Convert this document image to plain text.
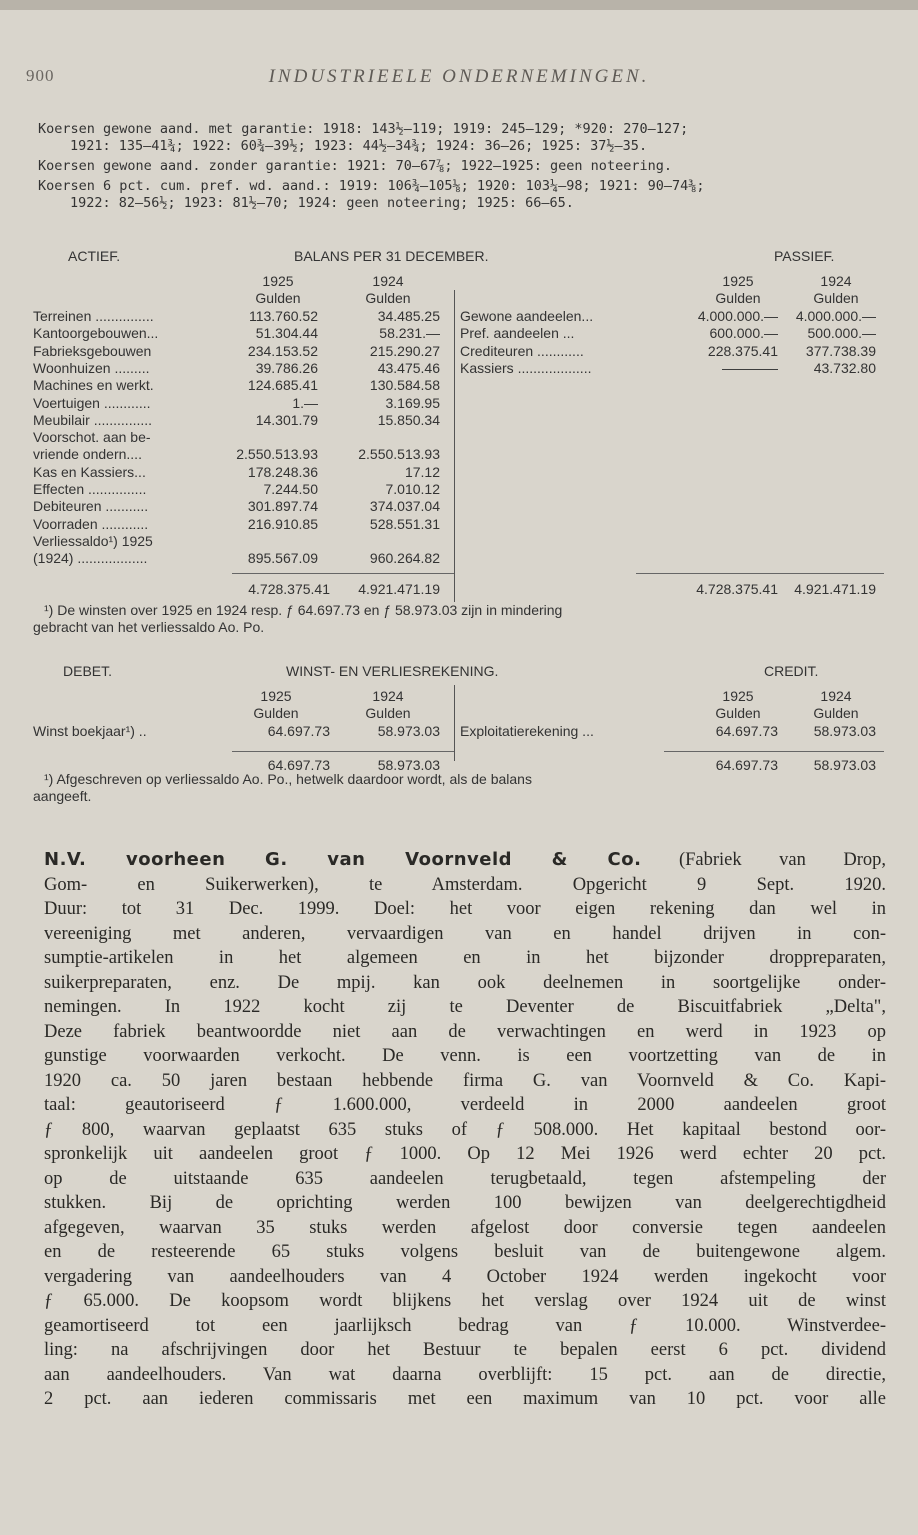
900	INDUSTRIEELE ONDERNEMINGEN.

Koersen gewone aand. met garantie: 1918: 143½—119; 1919: 245—129; *920: 270—127;

1921: 135—41¾; 1922: 60¾—39½; 1923: 44½—34¾; 1924: 36—26; 1925: 37½—35.

Koersen gewone aand. zonder garantie: 1921: 70—67⅞; 1922—1925: geen noteering.

Koersen 6 pct. cum. pref. wd. aand.: 1919: 106¾—105⅛; 1920: 103¼—98; 1921: 90—74⅜;

1922: 82—56½; 1923: 81½—70; 1924: geen noteering; 1925: 66—65.

ACTIEF.	BALANS PER 31 DECEMBER.	PASSIEF.
1925	1924	1925	1924
Gulden	Gulden	Gulden	Gulden
Terreinen ...............	113.760.52	34.485.25
Kantoorgebouwen...	51.304.44	58.231.—
Fabrieksgebouwen	234.153.52	215.290.27
Woonhuizen .........	39.786.26	43.475.46
Machines en werkt.	124.685.41	130.584.58
Voertuigen ............	1.—	3.169.95
Meubilair ...............	14.301.79	15.850.34
Voorschot. aan be-
vriende ondern....	2.550.513.93	2.550.513.93
Kas en Kassiers...	178.248.36	17.12
Effecten ...............	7.244.50	7.010.12
Debiteuren ...........	301.897.74	374.037.04
Voorraden ............	216.910.85	528.551.31
Verliessaldo¹) 1925
(1924) ..................	895.567.09	960.264.82
Gewone aandeelen...	4.000.000.—	4.000.000.—
Pref. aandeelen ...	600.000.—	500.000.—
Crediteuren ............	228.375.41	377.738.39
Kassiers ...................	————	43.732.80
4.728.375.41	4.921.471.19	4.728.375.41	4.921.471.19
¹) De winsten over 1925 en 1924 resp. ƒ 64.697.73 en ƒ 58.973.03 zijn in mindering
gebracht van het verliessaldo Ao. Po.
DEBET.	WINST- EN VERLIESREKENING.	CREDIT.
1925	1924	1925	1924
Gulden	Gulden	Gulden	Gulden
Winst boekjaar¹) ..	64.697.73	58.973.03 Exploitatierekening ...	64.697.73	58.973.03
64.697.73	58.973.03	64.697.73	58.973.03
¹) Afgeschreven op verliessaldo Ao. Po., hetwelk daardoor wordt, als de balans
aangeeft.
N.V. voorheen G. van Voornveld & Co. (Fabriek van Drop,
Gom- en Suikerwerken), te Amsterdam. Opgericht 9 Sept. 1920.
Duur: tot 31 Dec. 1999. Doel: het voor eigen rekening dan wel in
vereeniging met anderen, vervaardigen van en handel drijven in con-
sumptie-artikelen in het algemeen en in het bijzonder droppreparaten,
suikerpreparaten, enz. De mpij. kan ook deelnemen in soortgelijke onder-
nemingen. In 1922 kocht zij te Deventer de Biscuitfabriek „Delta",
Deze fabriek beantwoordde niet aan de verwachtingen en werd in 1923 op
gunstige voorwaarden verkocht. De venn. is een voortzetting van de in
1920 ca. 50 jaren bestaan hebbende firma G. van Voornveld & Co. Kapi-
taal: geautoriseerd ƒ 1.600.000, verdeeld in 2000 aandeelen groot
ƒ 800, waarvan geplaatst 635 stuks of ƒ 508.000. Het kapitaal bestond oor-
spronkelijk uit aandeelen groot ƒ 1000. Op 12 Mei 1926 werd echter 20 pct.
op de uitstaande 635 aandeelen terugbetaald, tegen afstempeling der
stukken. Bij de oprichting werden 100 bewijzen van deelgerechtigdheid
afgegeven, waarvan 35 stuks werden afgelost door conversie tegen aandeelen
en de resteerende 65 stuks volgens besluit van de buitengewone algem.
vergadering van aandeelhouders van 4 October 1924 werden ingekocht voor
ƒ 65.000. De koopsom wordt blijkens het verslag over 1924 uit de winst
geamortiseerd tot een jaarlijksch bedrag van ƒ 10.000. Winstverdee-
ling: na afschrijvingen door het Bestuur te bepalen eerst 6 pct. dividend
aan aandeelhouders. Van wat daarna overblijft: 15 pct. aan de directie,
2 pct. aan iederen commissaris met een maximum van 10 pct. voor alle
